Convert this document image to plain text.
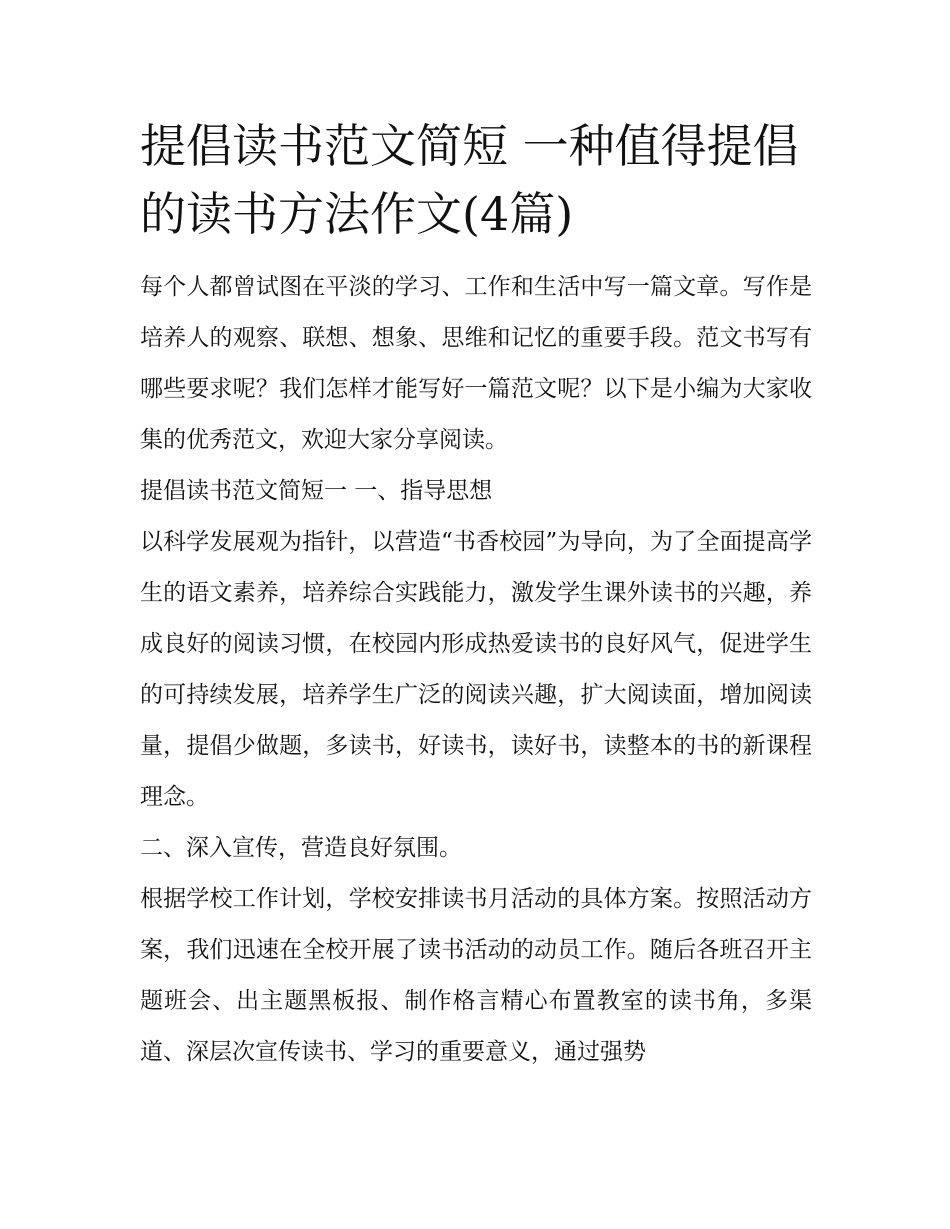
提倡读书范文简短 一种值得提倡的读书方法作文(4篇)

每个人都曾试图在平淡的学习、工作和生活中写一篇文章。写作是培养人的观察、联想、想象、思维和记忆的重要手段。范文书写有哪些要求呢？我们怎样才能写好一篇范文呢？以下是小编为大家收集的优秀范文，欢迎大家分享阅读。

提倡读书范文简短一 一、指导思想

以科学发展观为指针，以营造“书香校园”为导向，为了全面提高学生的语文素养，培养综合实践能力，激发学生课外读书的兴趣，养成良好的阅读习惯，在校园内形成热爱读书的良好风气，促进学生的可持续发展，培养学生广泛的阅读兴趣，扩大阅读面，增加阅读量，提倡少做题，多读书，好读书，读好书，读整本的书的新课程理念。

二、深入宣传，营造良好氛围。

根据学校工作计划，学校安排读书月活动的具体方案。按照活动方案，我们迅速在全校开展了读书活动的动员工作。随后各班召开主题班会、出主题黑板报、制作格言精心布置教室的读书角，多渠道、深层次宣传读书、学习的重要意义，通过强势
